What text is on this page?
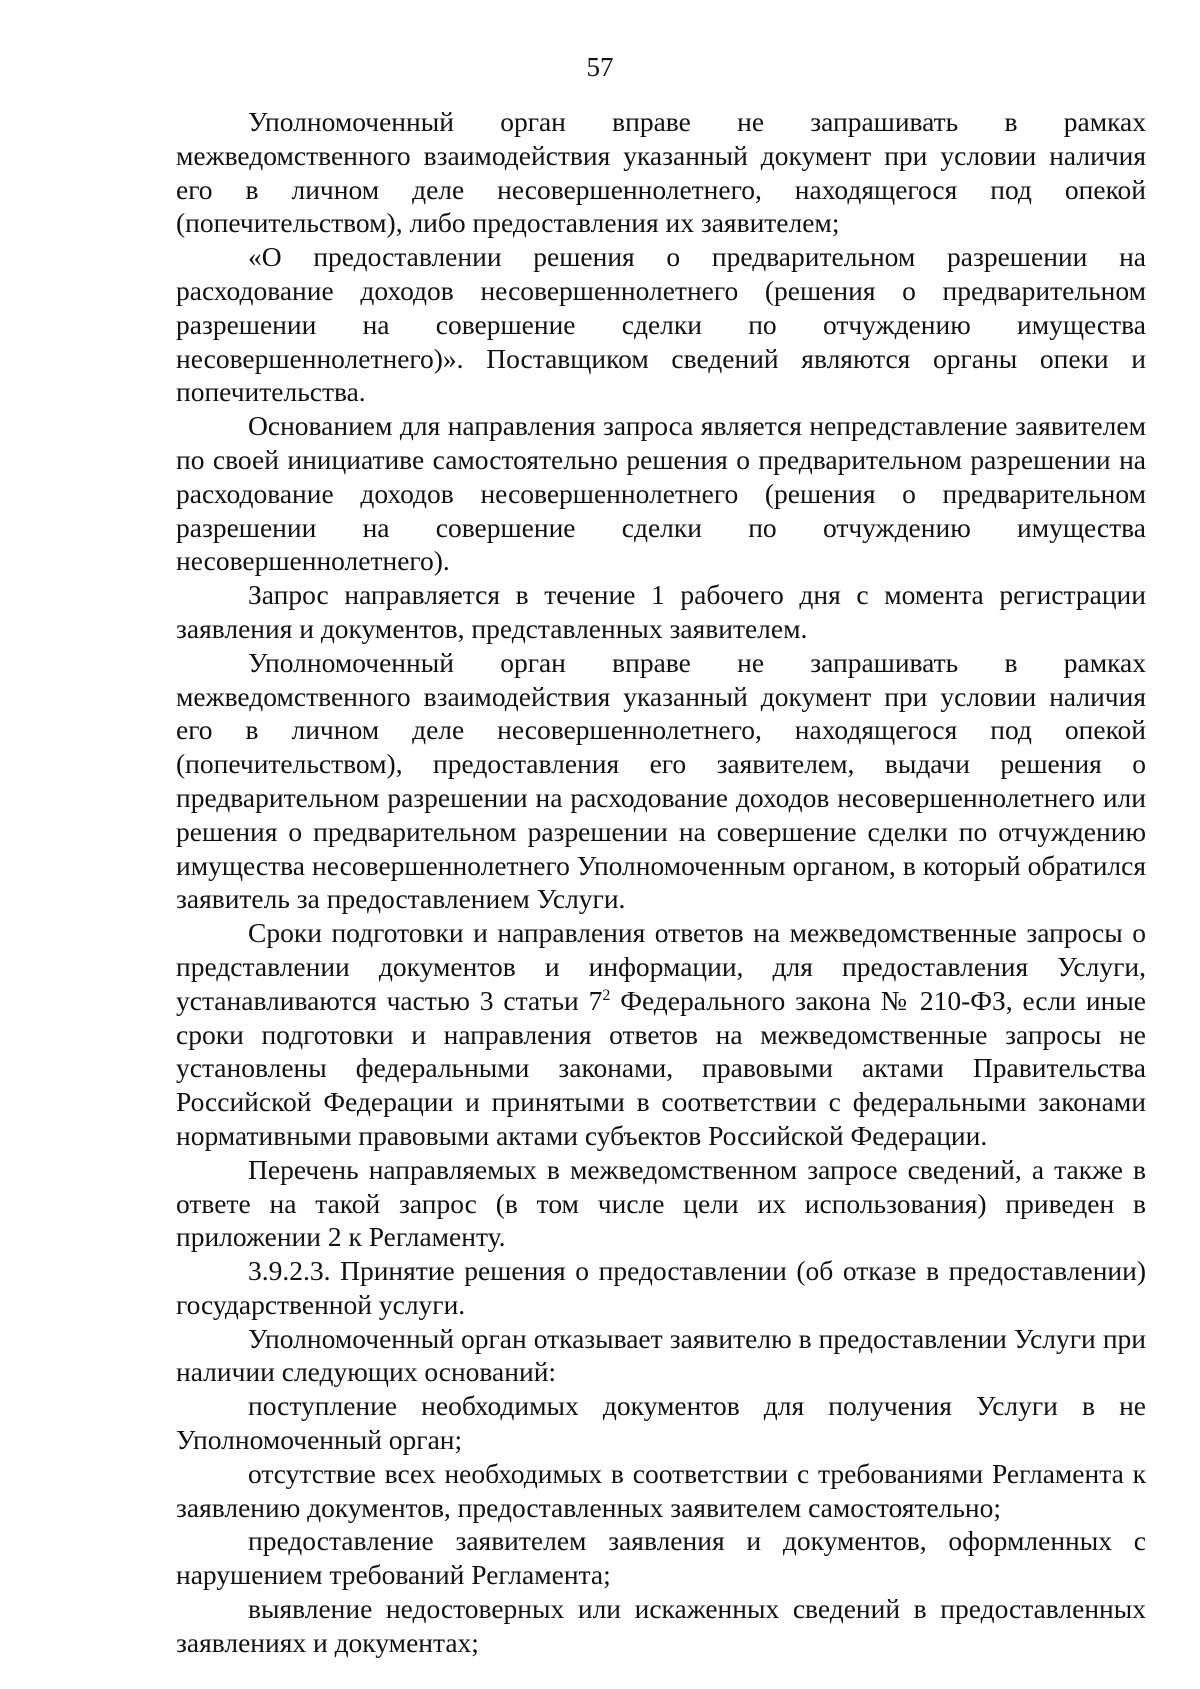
57

Уполномоченный орган вправе не запрашивать в рамках межведомственного взаимодействия указанный документ при условии наличия его в личном деле несовершеннолетнего, находящегося под опекой (попечительством), либо предоставления их заявителем;

«О предоставлении решения о предварительном разрешении на расходование доходов несовершеннолетнего (решения о предварительном разрешении на совершение сделки по отчуждению имущества несовершеннолетнего)». Поставщиком сведений являются органы опеки и попечительства.

Основанием для направления запроса является непредставление заявителем по своей инициативе самостоятельно решения о предварительном разрешении на расходование доходов несовершеннолетнего (решения о предварительном разрешении на совершение сделки по отчуждению имущества несовершеннолетнего).

Запрос направляется в течение 1 рабочего дня с момента регистрации заявления и документов, представленных заявителем.

Уполномоченный орган вправе не запрашивать в рамках межведомственного взаимодействия указанный документ при условии наличия его в личном деле несовершеннолетнего, находящегося под опекой (попечительством), предоставления его заявителем, выдачи решения о предварительном разрешении на расходование доходов несовершеннолетнего или решения о предварительном разрешении на совершение сделки по отчуждению имущества несовершеннолетнего Уполномоченным органом, в который обратился заявитель за предоставлением Услуги.

Сроки подготовки и направления ответов на межведомственные запросы о представлении документов и информации, для предоставления Услуги, устанавливаются частью 3 статьи $7^2$ Федерального закона № 210-ФЗ, если иные сроки подготовки и направления ответов на межведомственные запросы не установлены федеральными законами, правовыми актами Правительства Российской Федерации и принятыми в соответствии с федеральными законами нормативными правовыми актами субъектов Российской Федерации.

Перечень направляемых в межведомственном запросе сведений, а также в ответе на такой запрос (в том числе цели их использования) приведен в приложении 2 к Регламенту.

3.9.2.3. Принятие решения о предоставлении (об отказе в предоставлении) государственной услуги.

Уполномоченный орган отказывает заявителю в предоставлении Услуги при наличии следующих оснований:

поступление необходимых документов для получения Услуги в не Уполномоченный орган;

отсутствие всех необходимых в соответствии с требованиями Регламента к заявлению документов, предоставленных заявителем самостоятельно;

предоставление заявителем заявления и документов, оформленных с нарушением требований Регламента;

выявление недостоверных или искаженных сведений в предоставленных заявлениях и документах;
